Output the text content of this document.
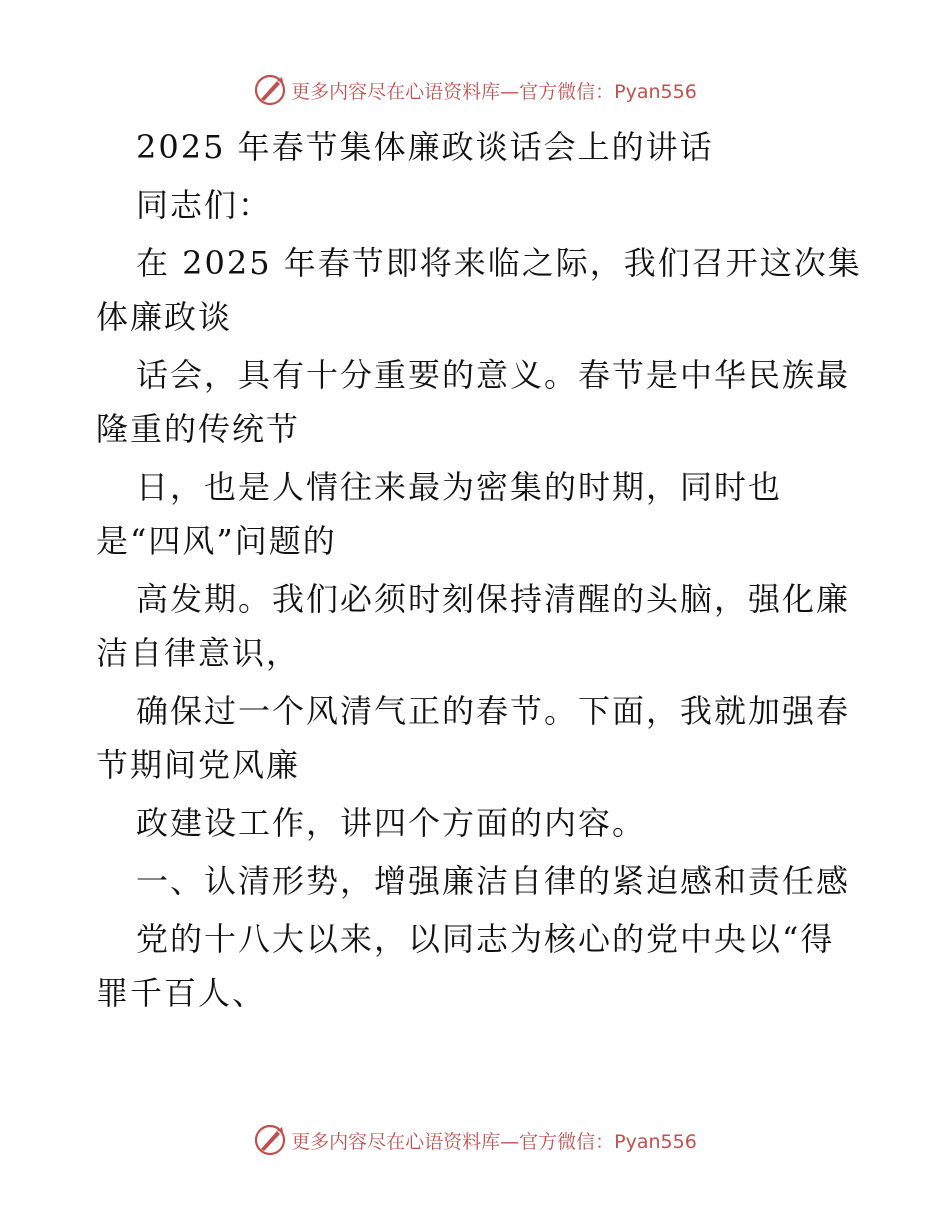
更多内容尽在心语资料库—官方微信：Pyan556

2025 年春节集体廉政谈话会上的讲话

同志们：

在 2025 年春节即将来临之际，我们召开这次集

体廉政谈

话会，具有十分重要的意义。春节是中华民族最

隆重的传统节

日，也是人情往来最为密集的时期，同时也

是“四风”问题的

高发期。我们必须时刻保持清醒的头脑，强化廉

洁自律意识，

确保过一个风清气正的春节。下面，我就加强春

节期间党风廉

政建设工作，讲四个方面的内容。

一、认清形势，增强廉洁自律的紧迫感和责任感

党的十八大以来，以同志为核心的党中央以“得

罪千百人、

更多内容尽在心语资料库—官方微信：Pyan556
